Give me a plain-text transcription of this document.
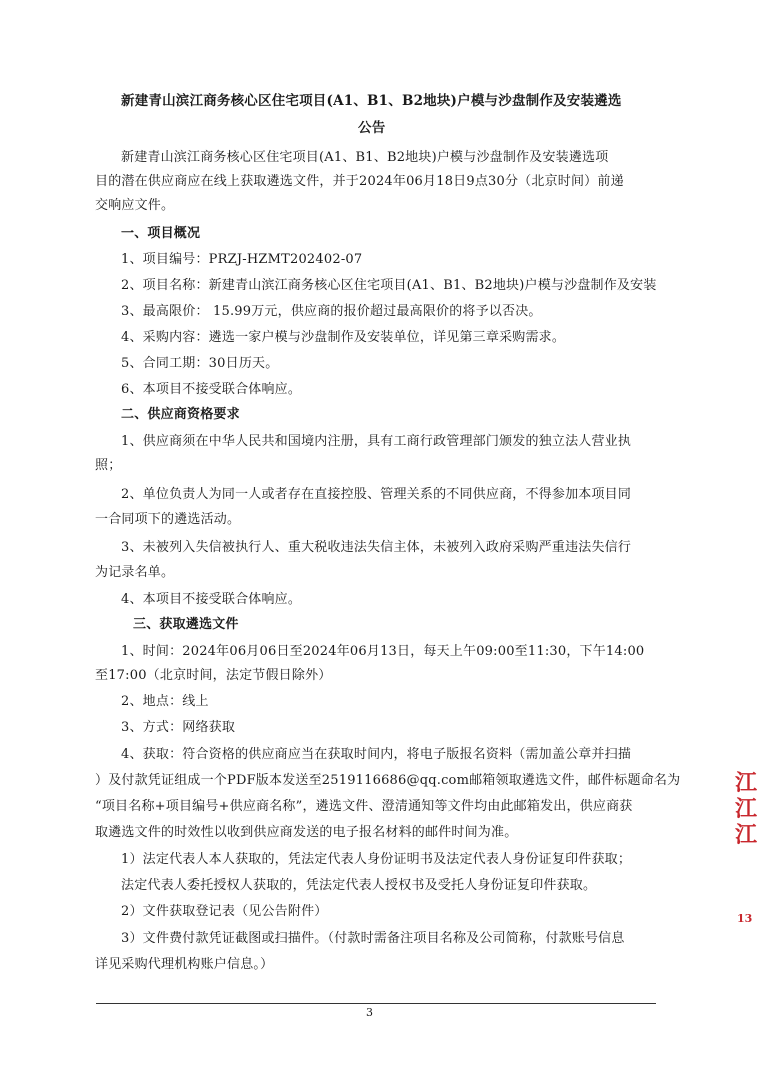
新建青山滨江商务核心区住宅项目(A1、B1、B2地块)户模与沙盘制作及安装遴选
公告
新建青山滨江商务核心区住宅项目(A1、B1、B2地块)户模与沙盘制作及安装遴选项
目的潜在供应商应在线上获取遴选文件，并于2024年06月18日9点30分（北京时间）前递
交响应文件。
一、项目概况
1、项目编号：PRZJ-HZMT202402-07
2、项目名称：新建青山滨江商务核心区住宅项目(A1、B1、B2地块)户模与沙盘制作及安装
3、最高限价： 15.99万元，供应商的报价超过最高限价的将予以否决。
4、采购内容：遴选一家户模与沙盘制作及安装单位，详见第三章采购需求。
5、合同工期：30日历天。
6、本项目不接受联合体响应。
二、供应商资格要求
1、供应商须在中华人民共和国境内注册，具有工商行政管理部门颁发的独立法人营业执
照；
2、单位负责人为同一人或者存在直接控股、管理关系的不同供应商，不得参加本项目同
一合同项下的遴选活动。
3、未被列入失信被执行人、重大税收违法失信主体，未被列入政府采购严重违法失信行
为记录名单。
4、本项目不接受联合体响应。
三、获取遴选文件
1、时间：2024年06月06日至2024年06月13日，每天上午09:00至11:30，下午14:00
至17:00（北京时间，法定节假日除外）
2、地点：线上
3、方式：网络获取
4、获取：符合资格的供应商应当在获取时间内，将电子版报名资料（需加盖公章并扫描
）及付款凭证组成一个PDF版本发送至2519116686@qq.com邮箱领取遴选文件，邮件标题命名为
“项目名称+项目编号+供应商名称”，遴选文件、澄清通知等文件均由此邮箱发出，供应商获
取遴选文件的时效性以收到供应商发送的电子报名材料的邮件时间为准。
1）法定代表人本人获取的，凭法定代表人身份证明书及法定代表人身份证复印件获取；
法定代表人委托授权人获取的，凭法定代表人授权书及受托人身份证复印件获取。
2）文件获取登记表（见公告附件）
3）文件费付款凭证截图或扫描件。（付款时需备注项目名称及公司简称，付款账号信息
详见采购代理机构账户信息。）
3
江
江
江
13
